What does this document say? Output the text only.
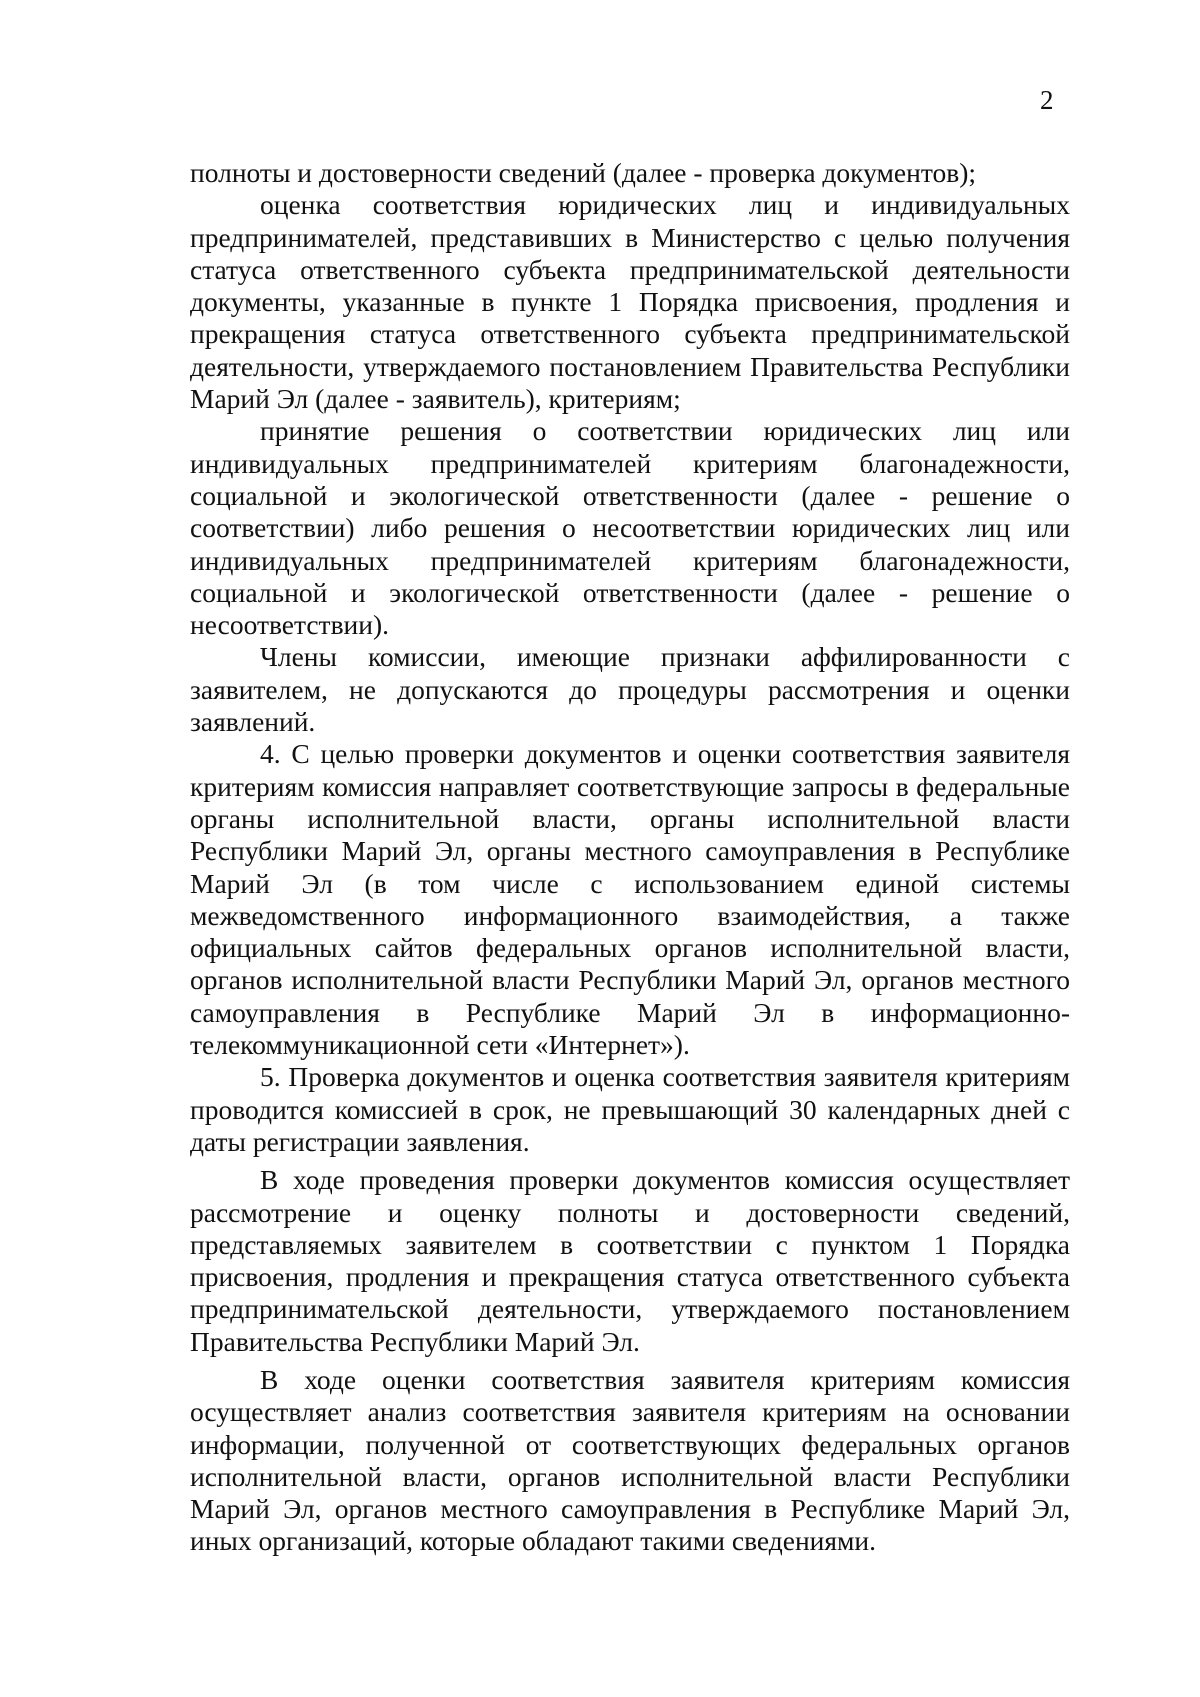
2

полноты и достоверности сведений (далее - проверка документов);

оценка соответствия юридических лиц и индивидуальных предпринимателей, представивших в Министерство с целью получения статуса ответственного субъекта предпринимательской деятельности документы, указанные в пункте 1 Порядка присвоения, продления и прекращения статуса ответственного субъекта предпринимательской деятельности, утверждаемого постановлением Правительства Республики Марий Эл (далее - заявитель), критериям;

принятие решения о соответствии юридических лиц или индивидуальных предпринимателей критериям благонадежности, социальной и экологической ответственности (далее - решение о соответствии) либо решения о несоответствии юридических лиц или индивидуальных предпринимателей критериям благонадежности, социальной и экологической ответственности (далее - решение о несоответствии).

Члены комиссии, имеющие признаки аффилированности с заявителем, не допускаются до процедуры рассмотрения и оценки заявлений.

4. С целью проверки документов и оценки соответствия заявителя критериям комиссия направляет соответствующие запросы в федеральные органы исполнительной власти, органы исполнительной власти Республики Марий Эл, органы местного самоуправления в Республике Марий Эл (в том числе с использованием единой системы межведомственного информационного взаимодействия, а также официальных сайтов федеральных органов исполнительной власти, органов исполнительной власти Республики Марий Эл, органов местного самоуправления в Республике Марий Эл в информационно-телекоммуникационной сети «Интернет»).

5. Проверка документов и оценка соответствия заявителя критериям проводится комиссией в срок, не превышающий 30 календарных дней с даты регистрации заявления.

В ходе проведения проверки документов комиссия осуществляет рассмотрение и оценку полноты и достоверности сведений, представляемых заявителем в соответствии с пунктом 1 Порядка присвоения, продления и прекращения статуса ответственного субъекта предпринимательской деятельности, утверждаемого постановлением Правительства Республики Марий Эл.

В ходе оценки соответствия заявителя критериям комиссия осуществляет анализ соответствия заявителя критериям на основании информации, полученной от соответствующих федеральных органов исполнительной власти, органов исполнительной власти Республики Марий Эл, органов местного самоуправления в Республике Марий Эл, иных организаций, которые обладают такими сведениями.
